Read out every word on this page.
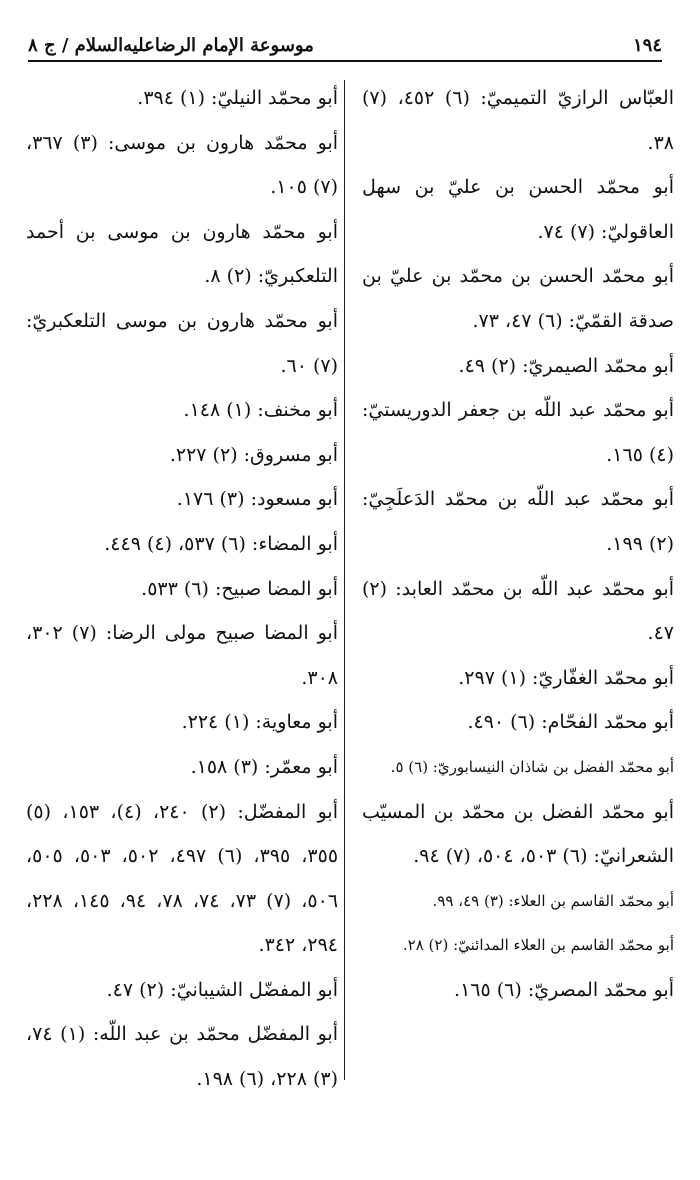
١٩٤
موسوعة الإمام الرضاعليه‌السلام / ج ٨

العبّاس الرازيّ التميميّ: (٦) ٤٥٢، (٧) ٣٨.

أبو محمّد الحسن بن عليّ بن سهل العاقوليّ: (٧) ٧٤.

أبو محمّد الحسن بن محمّد بن عليّ بن صدقة القمّيّ: (٦) ٤٧، ٧٣.

أبو محمّد الصيمريّ: (٢) ٤٩.

أبو محمّد عبد اللّه بن جعفر الدوريستيّ: (٤) ١٦٥.

أبو محمّد عبد اللّه بن محمّد الدَعلَجِيّ: (٢) ١٩٩.

أبو محمّد عبد اللّه بن محمّد العابد: (٢) ٤٧.

أبو محمّد الغفّاريّ: (١) ٢٩٧.

أبو محمّد الفحّام: (٦) ٤٩٠.

أبو محمّد الفضل بن شاذان النيسابوريّ: (٦) ٥.

أبو محمّد الفضل بن محمّد بن المسيّب الشعرانيّ: (٦) ٥٠٣، ٥٠٤، (٧) ٩٤.

أبو محمّد القاسم بن العلاء: (٣) ٤٩، ٩٩.

أبو محمّد القاسم بن العلاء المدائنيّ: (٢) ٢٨.

أبو محمّد المصريّ: (٦) ١٦٥.

أبو محمّد النيليّ: (١) ٣٩٤.

أبو محمّد هارون بن موسى: (٣) ٣٦٧، (٧) ١٠٥.

أبو محمّد هارون بن موسى بن أحمد التلعكبريّ: (٢) ٨.

أبو محمّد هارون بن موسى التلعكبريّ: (٧) ٦٠.

أبو مخنف: (١) ١٤٨.

أبو مسروق: (٢) ٢٢٧.

أبو مسعود: (٣) ١٧٦.

أبو المضاء: (٦) ٥٣٧، (٤) ٤٤٩.

أبو المضا صبيح: (٦) ٥٣٣.

أبو المضا صبيح مولى الرضا: (٧) ٣٠٢، ٣٠٨.

أبو معاوية: (١) ٢٢٤.

أبو معمّر: (٣) ١٥٨.

أبو المفضّل: (٢) ٢٤٠، (٤)، ١٥٣، (٥) ٣٥٥، ٣٩٥، (٦) ٤٩٧، ٥٠٢، ٥٠٣، ٥٠٥، ٥٠٦، (٧) ٧٣، ٧٤، ٧٨، ٩٤، ١٤٥، ٢٢٨، ٢٩٤، ٣٤٢.

أبو المفضّل الشيبانيّ: (٢) ٤٧.

أبو المفضّل محمّد بن عبد اللّه: (١) ٧٤، (٣) ٢٢٨، (٦) ١٩٨.
